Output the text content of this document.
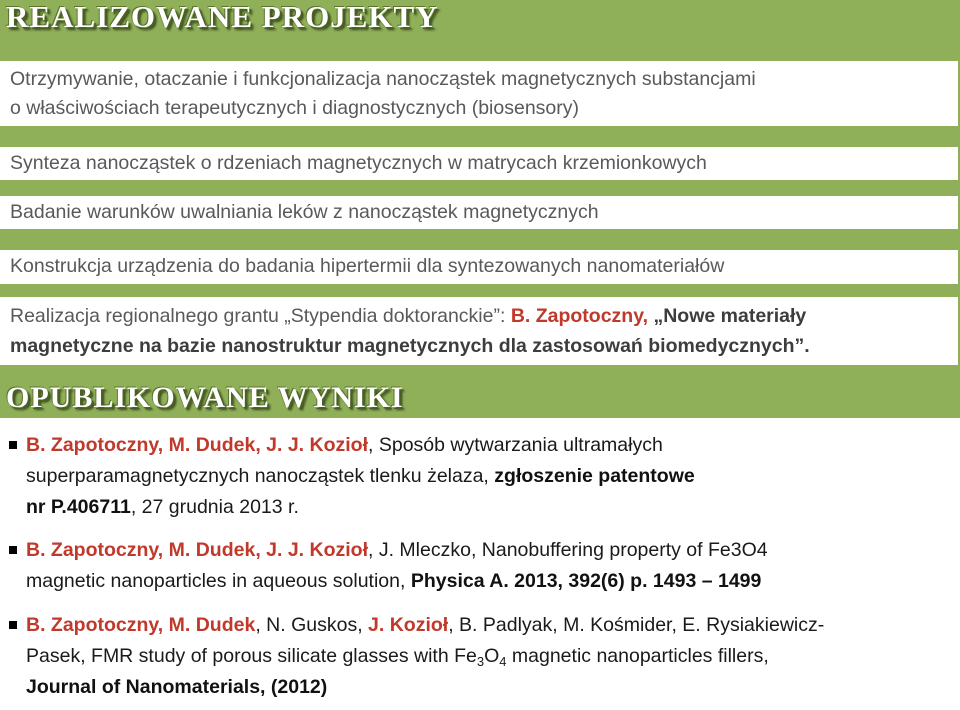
REALIZOWANE PROJEKTY

Otrzymywanie, otaczanie i funkcjonalizacja nanocząstek magnetycznych substancjami

o właściwościach terapeutycznych i diagnostycznych (biosensory)

Synteza nanocząstek o rdzeniach magnetycznych w matrycach krzemionkowych

Badanie warunków uwalniania leków z nanocząstek magnetycznych

Konstrukcja urządzenia do badania hipertermii dla syntezowanych nanomateriałów

Realizacja regionalnego grantu „Stypendia doktoranckie”: B. Zapotoczny, „Nowe materiały

magnetyczne na bazie nanostruktur magnetycznych dla zastosowań biomedycznych”.

OPUBLIKOWANE WYNIKI
B. Zapotoczny, M. Dudek, J. J. Kozioł, Sposób wytwarzania ultramałych
superparamagnetycznych nanocząstek tlenku żelaza, zgłoszenie patentowe
nr P.406711, 27 grudnia 2013 r.
B. Zapotoczny, M. Dudek, J. J. Kozioł, J. Mleczko, Nanobuffering property of Fe3O4
magnetic nanoparticles in aqueous solution, Physica A. 2013, 392(6) p. 1493 – 1499
B. Zapotoczny, M. Dudek, N. Guskos, J. Kozioł, B. Padlyak, M. Kośmider, E. Rysiakiewicz-
Pasek, FMR study of porous silicate glasses with $Fe_3O_4$ magnetic nanoparticles fillers,
Journal of Nanomaterials, (2012)
